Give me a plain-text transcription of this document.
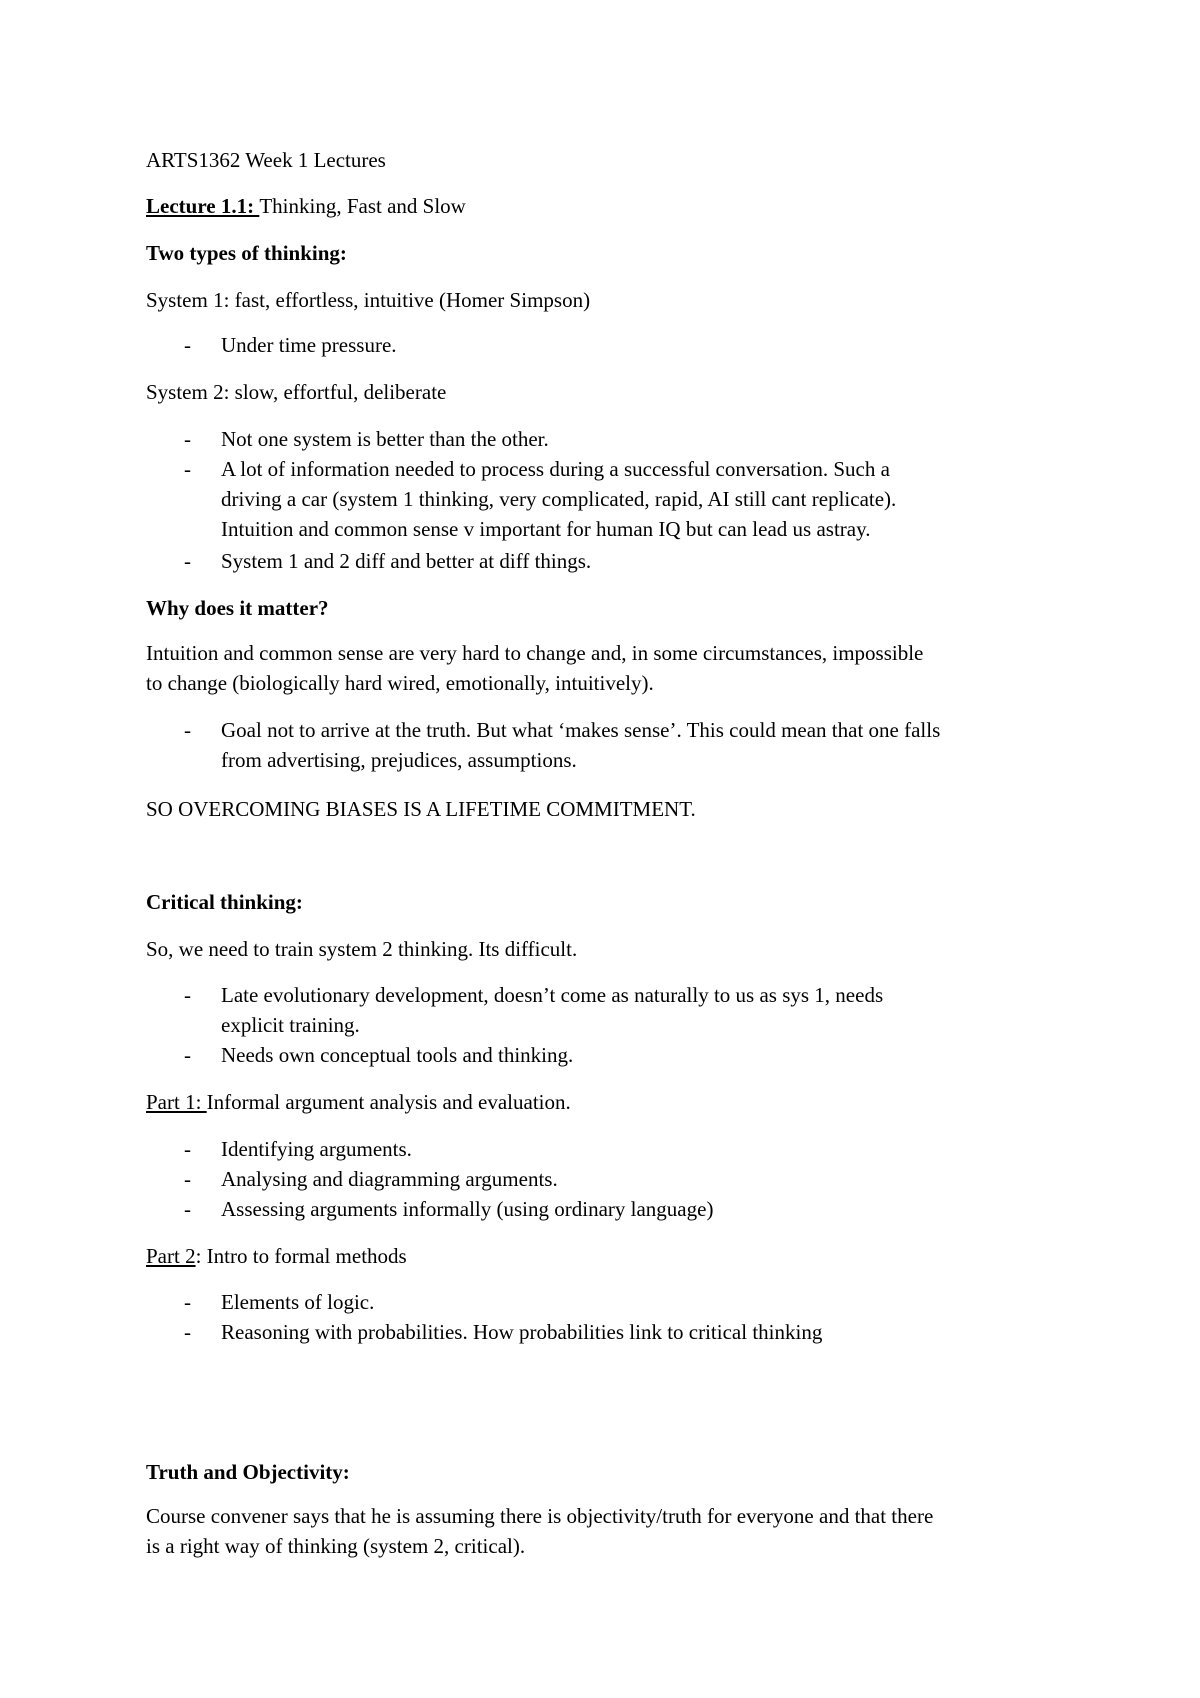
ARTS1362 Week 1 Lectures
Lecture 1.1: Thinking, Fast and Slow
Two types of thinking:
System 1: fast, effortless, intuitive (Homer Simpson)
- Under time pressure.
System 2: slow, effortful, deliberate
- Not one system is better than the other.
- A lot of information needed to process during a successful conversation. Such a
driving a car (system 1 thinking, very complicated, rapid, AI still cant replicate).
Intuition and common sense v important for human IQ but can lead us astray.
- System 1 and 2 diff and better at diff things.
Why does it matter?
Intuition and common sense are very hard to change and, in some circumstances, impossible
to change (biologically hard wired, emotionally, intuitively).
- Goal not to arrive at the truth. But what ‘makes sense’. This could mean that one falls
from advertising, prejudices, assumptions.
SO OVERCOMING BIASES IS A LIFETIME COMMITMENT.
Critical thinking:
So, we need to train system 2 thinking. Its difficult.
- Late evolutionary development, doesn’t come as naturally to us as sys 1, needs
explicit training.
- Needs own conceptual tools and thinking.
Part 1: Informal argument analysis and evaluation.
- Identifying arguments.
- Analysing and diagramming arguments.
- Assessing arguments informally (using ordinary language)
Part 2: Intro to formal methods
- Elements of logic.
- Reasoning with probabilities. How probabilities link to critical thinking
Truth and Objectivity:
Course convener says that he is assuming there is objectivity/truth for everyone and that there
is a right way of thinking (system 2, critical).
